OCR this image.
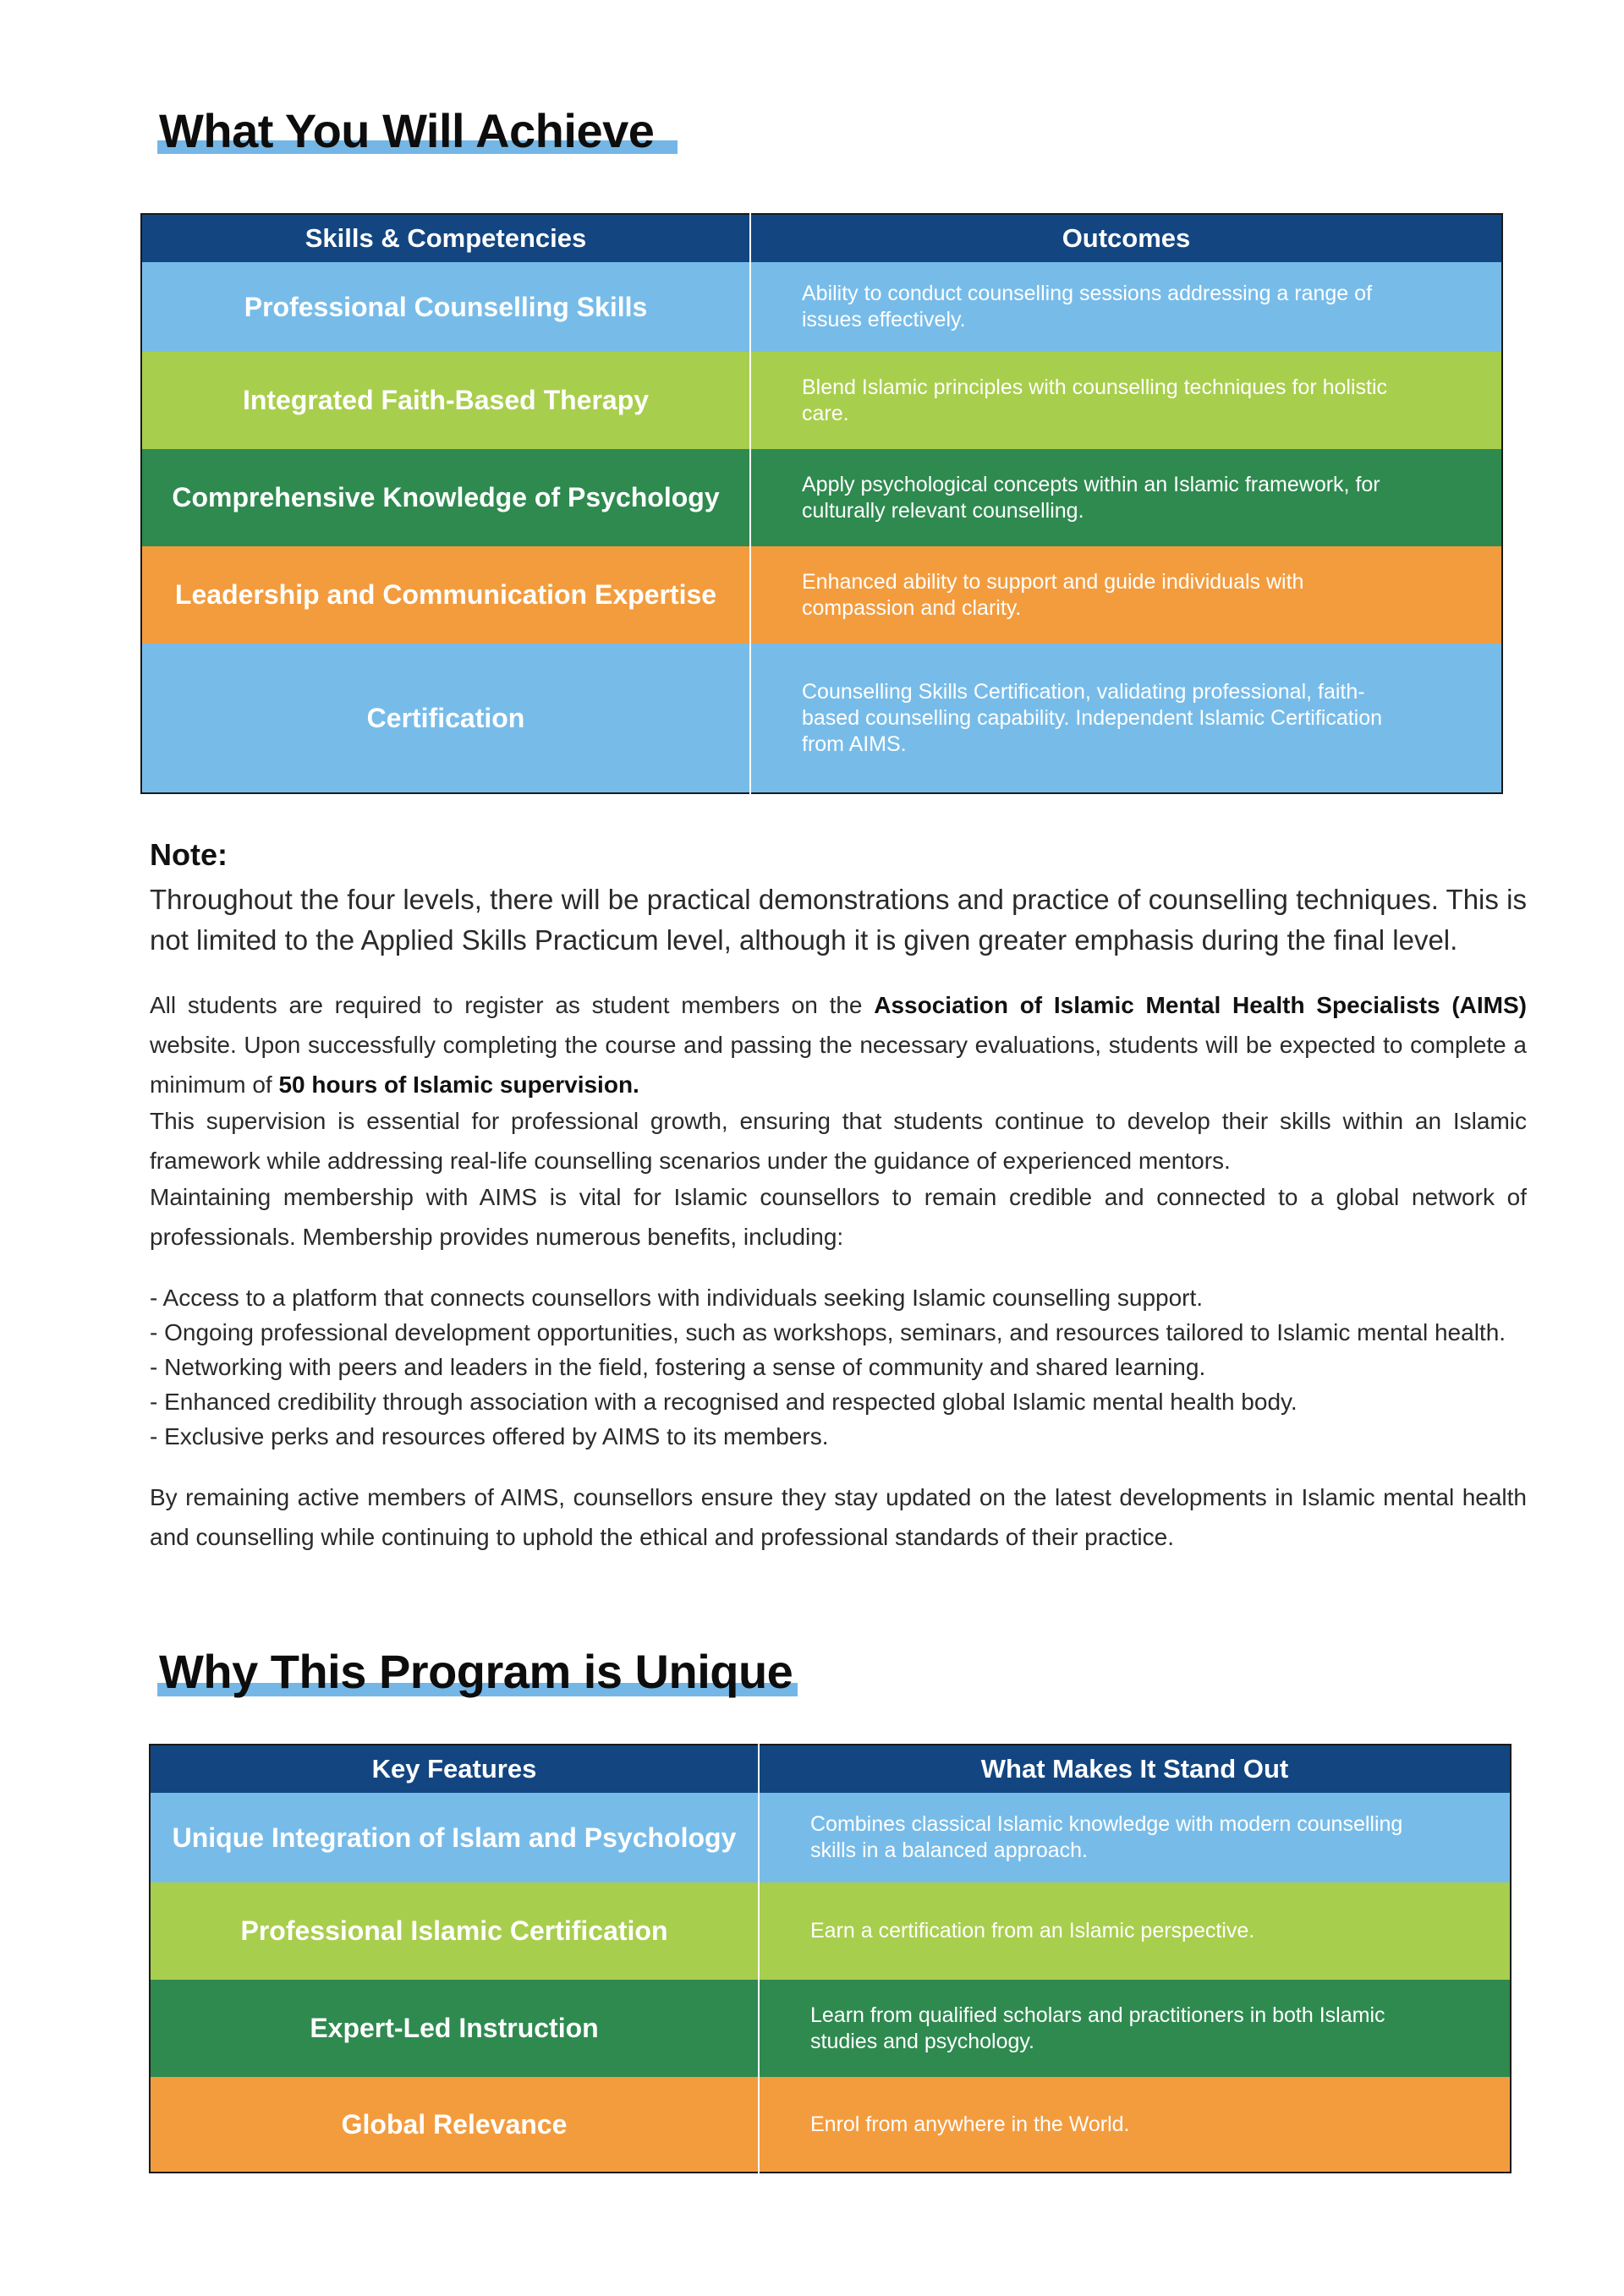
What You Will Achieve
Skills & Competencies	Outcomes
Professional Counselling Skills	Ability to conduct counselling sessions addressing a range of issues effectively.
Integrated Faith-Based Therapy	Blend Islamic principles with counselling techniques for holistic care.
Comprehensive Knowledge of Psychology	Apply psychological concepts within an Islamic framework, for culturally relevant counselling.
Leadership and Communication Expertise	Enhanced ability to support and guide individuals with compassion and clarity.
Certification	Counselling Skills Certification, validating professional, faith-based counselling capability. Independent Islamic Certification from AIMS.

Note:

Throughout the four levels, there will be practical demonstrations and practice of counselling techniques. This is not limited to the Applied Skills Practicum level, although it is given greater emphasis during the final level.

All students are required to register as student members on the Association of Islamic Mental Health Specialists (AIMS) website. Upon successfully completing the course and passing the necessary evaluations, students will be expected to complete a minimum of 50 hours of Islamic supervision.

This supervision is essential for professional growth, ensuring that students continue to develop their skills within an Islamic framework while addressing real-life counselling scenarios under the guidance of experienced mentors.

Maintaining membership with AIMS is vital for Islamic counsellors to remain credible and connected to a global network of professionals. Membership provides numerous benefits, including:

- Access to a platform that connects counsellors with individuals seeking Islamic counselling support.

- Ongoing professional development opportunities, such as workshops, seminars, and resources tailored to Islamic mental health.

- Networking with peers and leaders in the field, fostering a sense of community and shared learning.

- Enhanced credibility through association with a recognised and respected global Islamic mental health body.

- Exclusive perks and resources offered by AIMS to its members.

By remaining active members of AIMS, counsellors ensure they stay updated on the latest developments in Islamic mental health and counselling while continuing to uphold the ethical and professional standards of their practice.

Why This Program is Unique
Key Features	What Makes It Stand Out
Unique Integration of Islam and Psychology	Combines classical Islamic knowledge with modern counselling skills in a balanced approach.
Professional Islamic Certification	Earn a certification from an Islamic perspective.
Expert-Led Instruction	Learn from qualified scholars and practitioners in both Islamic studies and psychology.
Global Relevance	Enrol from anywhere in the World.
